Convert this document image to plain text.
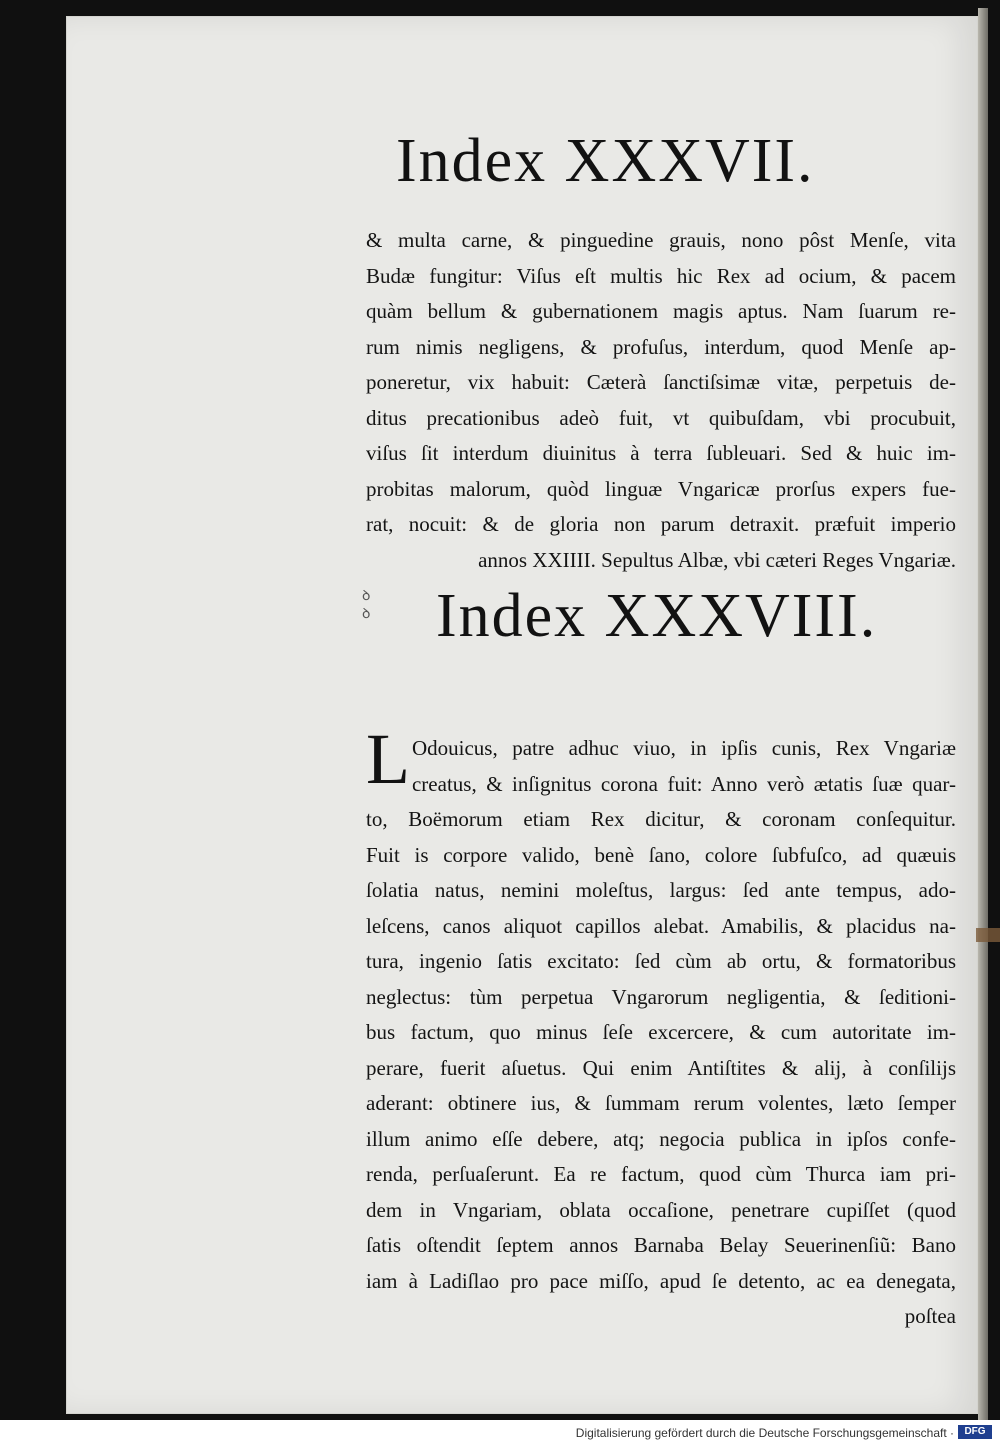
Index XXXVII.
& multa carne, & pinguedine grauis, nono pôst Menſe, vita
Budæ fungitur: Viſus eſt multis hic Rex ad ocium, & pacem
quàm bellum & gubernationem magis aptus. Nam ſuarum re-
rum nimis negligens, & profuſus, interdum, quod Menſe ap-
poneretur, vix habuit: Cæterà ſanctiſsimæ vitæ, perpetuis de-
ditus precationibus adeò fuit, vt quibuſdam, vbi procubuit,
viſus ſit interdum diuinitus à terra ſubleuari. Sed & huic im-
probitas malorum, quòd linguæ Vngaricæ prorſus expers fue-
rat, nocuit: & de gloria non parum detraxit. præfuit imperio
annos XXIIII. Sepultus Albæ, vbi cæteri Reges Vngariæ.
ꝺ ꝺ Index XXXVIII.
L Odouicus, patre adhuc viuo, in ipſis cunis, Rex Vngariæ
creatus, & inſignitus corona fuit: Anno verò ætatis ſuæ quar-
to, Boëmorum etiam Rex dicitur, & coronam conſequitur.
Fuit is corpore valido, benè ſano, colore ſubfuſco, ad quæuis
ſolatia natus, nemini moleſtus, largus: ſed ante tempus, ado-
leſcens, canos aliquot capillos alebat. Amabilis, & placidus na-
tura, ingenio ſatis excitato: ſed cùm ab ortu, & formatoribus
neglectus: tùm perpetua Vngarorum negligentia, & ſeditioni-
bus factum, quo minus ſeſe excercere, & cum autoritate im-
perare, fuerit aſuetus. Qui enim Antiſtites & alij, à conſilijs
aderant: obtinere ius, & ſummam rerum volentes, læto ſemper
illum animo eſſe debere, atq; negocia publica in ipſos confe-
renda, perſuaſerunt. Ea re factum, quod cùm Thurca iam pri-
dem in Vngariam, oblata occaſione, penetrare cupiſſet (quod
ſatis oſtendit ſeptem annos Barnaba Belay Seuerinenſiũ: Bano
iam à Ladiſlao pro pace miſſo, apud ſe detento, ac ea denegata,
poſtea
Digitalisierung gefördert durch die Deutsche Forschungsgemeinschaft ·	DFG
